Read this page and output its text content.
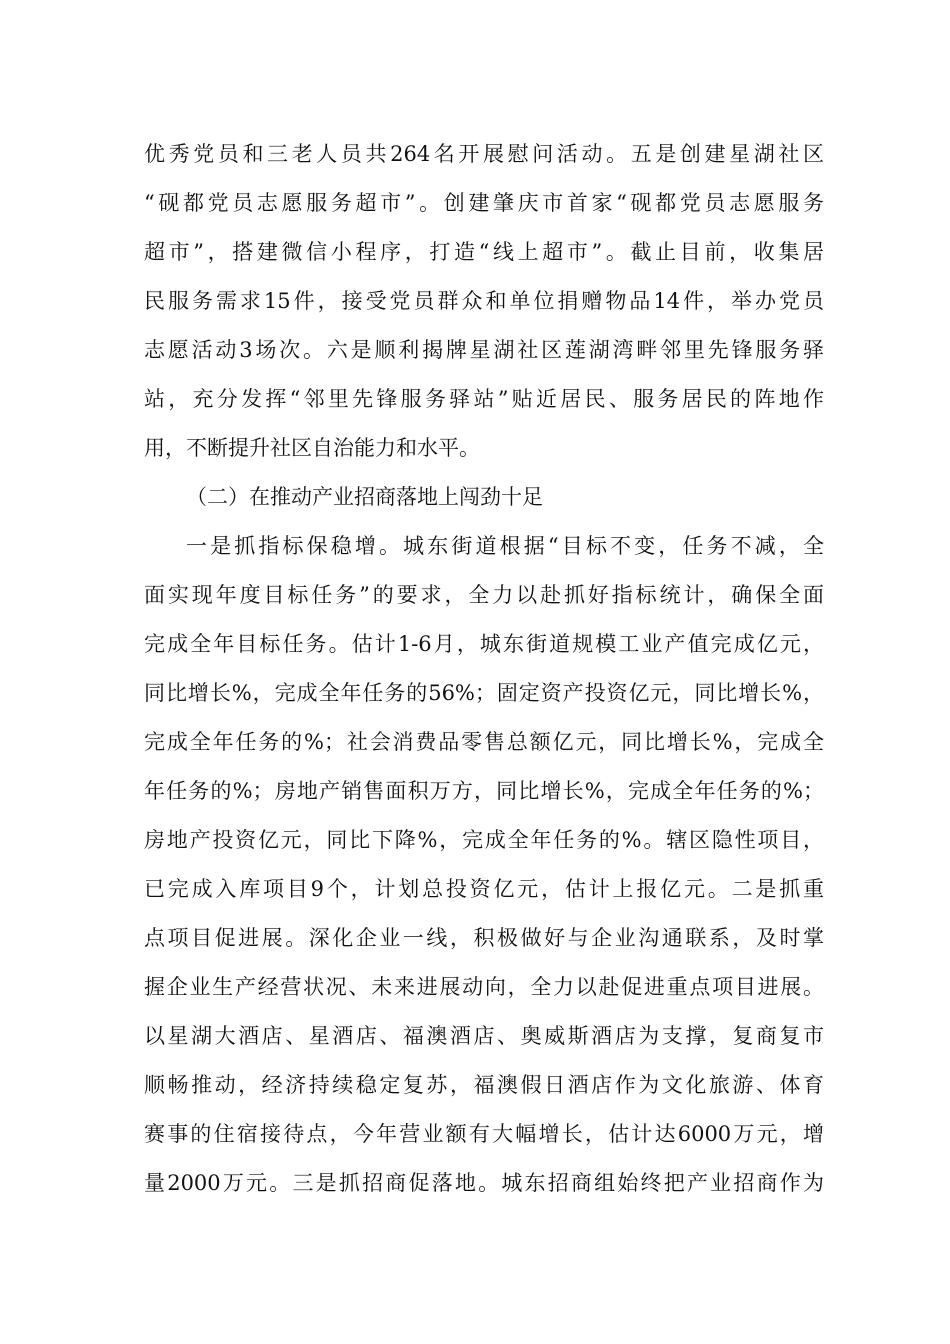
优秀党员和三老人员共264名开展慰问活动。五是创建星湖社区
“砚都党员志愿服务超市”。创建肇庆市首家“砚都党员志愿服务
超市”，搭建微信小程序，打造“线上超市”。截止目前，收集居
民服务需求15件，接受党员群众和单位捐赠物品14件，举办党员
志愿活动3场次。六是顺利揭牌星湖社区莲湖湾畔邻里先锋服务驿
站，充分发挥“邻里先锋服务驿站”贴近居民、服务居民的阵地作
用，不断提升社区自治能力和水平。
（二）在推动产业招商落地上闯劲十足
一是抓指标保稳增。城东街道根据“目标不变，任务不减，全
面实现年度目标任务”的要求，全力以赴抓好指标统计，确保全面
完成全年目标任务。估计1-6月，城东街道规模工业产值完成亿元，
同比增长%，完成全年任务的56%；固定资产投资亿元，同比增长%，
完成全年任务的%；社会消费品零售总额亿元，同比增长%，完成全
年任务的%；房地产销售面积万方，同比增长%，完成全年任务的%；
房地产投资亿元，同比下降%，完成全年任务的%。辖区隐性项目，
已完成入库项目9个，计划总投资亿元，估计上报亿元。二是抓重
点项目促进展。深化企业一线，积极做好与企业沟通联系，及时掌
握企业生产经营状况、未来进展动向，全力以赴促进重点项目进展。
以星湖大酒店、星酒店、福澳酒店、奥威斯酒店为支撑，复商复市
顺畅推动，经济持续稳定复苏，福澳假日酒店作为文化旅游、体育
赛事的住宿接待点，今年营业额有大幅增长，估计达6000万元，增
量2000万元。三是抓招商促落地。城东招商组始终把产业招商作为
